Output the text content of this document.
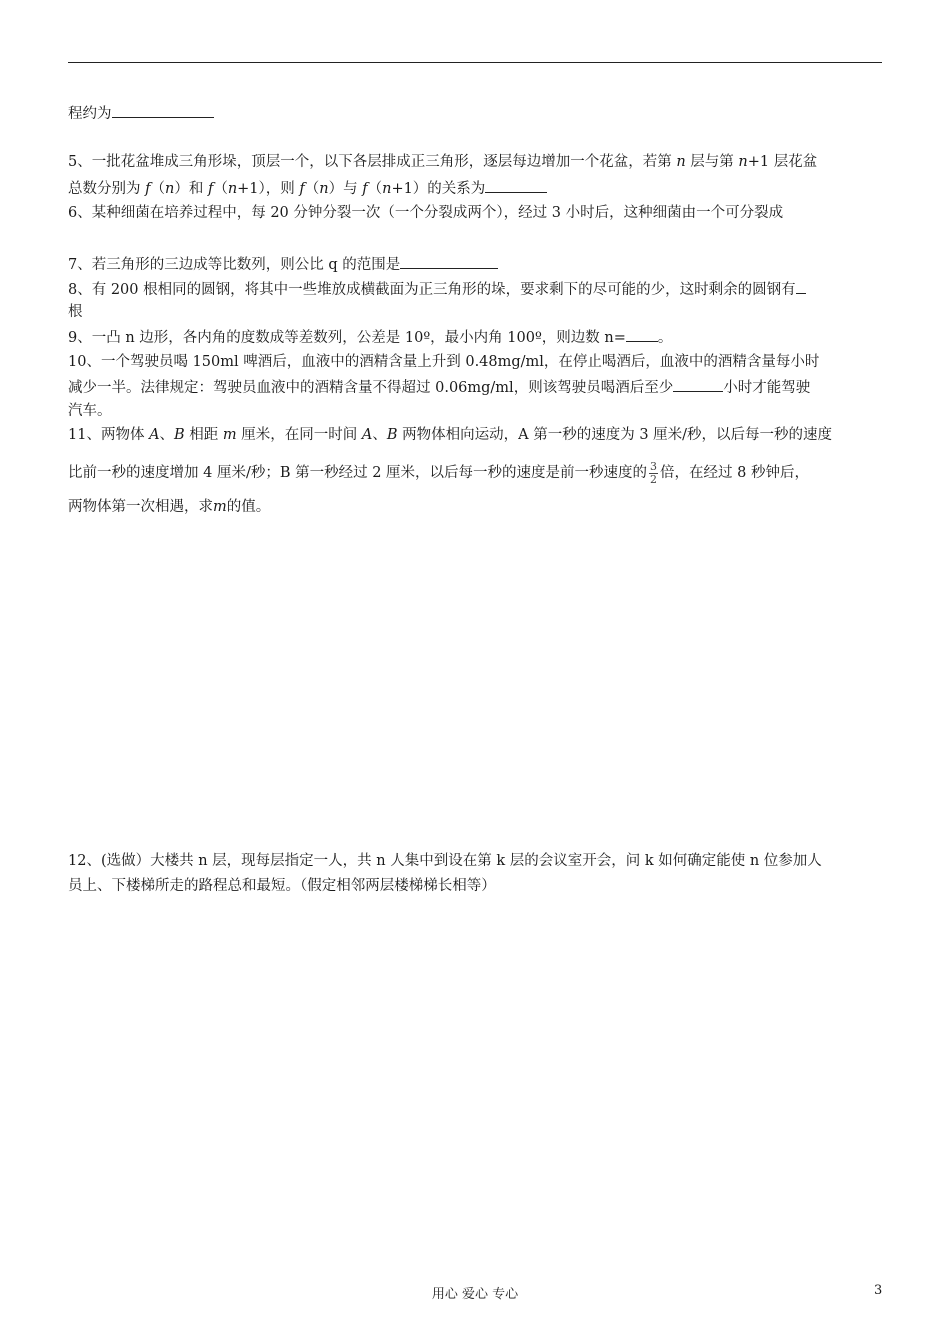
程约为
5、一批花盆堆成三角形垛，顶层一个，以下各层排成正三角形，逐层每边增加一个花盆，若第 n 层与第 n+1 层花盆
总数分别为 f（n）和 f（n+1），则 f（n）与 f（n+1）的关系为
6、某种细菌在培养过程中，每 20 分钟分裂一次（一个分裂成两个），经过 3 小时后，这种细菌由一个可分裂成
7、若三角形的三边成等比数列，则公比 q 的范围是
8、有 200 根相同的圆钢，将其中一些堆放成横截面为正三角形的垛，要求剩下的尽可能的少，这时剩余的圆钢有
根
9、一凸 n 边形，各内角的度数成等差数列，公差是 10º，最小内角 100º，则边数 n= 。
10、一个驾驶员喝 150ml 啤酒后，血液中的酒精含量上升到 0.48mg/ml，在停止喝酒后，血液中的酒精含量每小时
减少一半。法律规定：驾驶员血液中的酒精含量不得超过 0.06mg/ml，则该驾驶员喝酒后至少	小时才能驾驶
汽车。
11、两物体 A、B 相距 m 厘米，在同一时间 A、B 两物体相向运动，A 第一秒的速度为 3 厘米/秒，以后每一秒的速度
比前一秒的速度增加 4 厘米/秒；B 第一秒经过 2 厘米，以后每一秒的速度是前一秒速度的 $\frac{3}{2}$ 倍，在经过 8 秒钟后，
两物体第一次相遇，求m的值。
12、(选做）大楼共 n 层，现每层指定一人，共 n 人集中到设在第 k 层的会议室开会，问 k 如何确定能使 n 位参加人
员上、下楼梯所走的路程总和最短。（假定相邻两层楼梯梯长相等）
用心 爱心 专心	3
